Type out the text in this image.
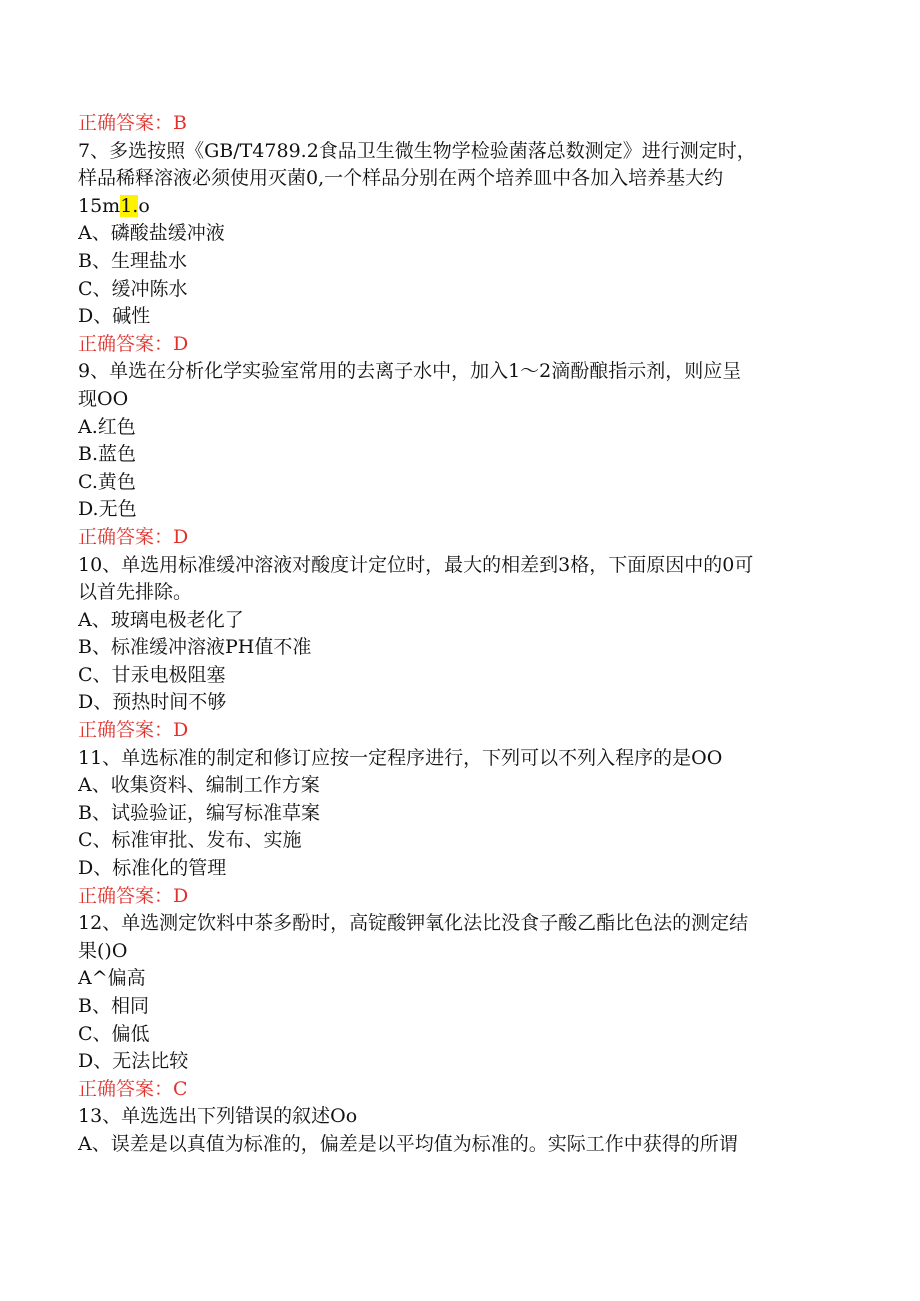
正确答案：B
7、多选按照《GB/T4789.2食品卫生微生物学检验菌落总数测定》进行测定时，
样品稀释溶液必须使用灭菌0,一个样品分别在两个培养皿中各加入培养基大约
15m1.o
A、磷酸盐缓冲液
B、生理盐水
C、缓冲陈水
D、碱性
正确答案：D
9、单选在分析化学实验室常用的去离子水中，加入1～2滴酚酿指示剂，则应呈
现OO
A.红色
B.蓝色
C.黄色
D.无色
正确答案：D
10、单选用标准缓冲溶液对酸度计定位时，最大的相差到3格，下面原因中的0可
以首先排除。
A、玻璃电极老化了
B、标准缓冲溶液PH值不准
C、甘汞电极阻塞
D、预热时间不够
正确答案：D
11、单选标准的制定和修订应按一定程序进行，下列可以不列入程序的是OO
A、收集资料、编制工作方案
B、试验验证，编写标准草案
C、标准审批、发布、实施
D、标准化的管理
正确答案：D
12、单选测定饮料中茶多酚时，高锭酸钾氧化法比没食子酸乙酯比色法的测定结
果()O
A^偏高
B、相同
C、偏低
D、无法比较
正确答案：C
13、单选选出下列错误的叙述Oo
A、误差是以真值为标准的，偏差是以平均值为标准的。实际工作中获得的所谓
